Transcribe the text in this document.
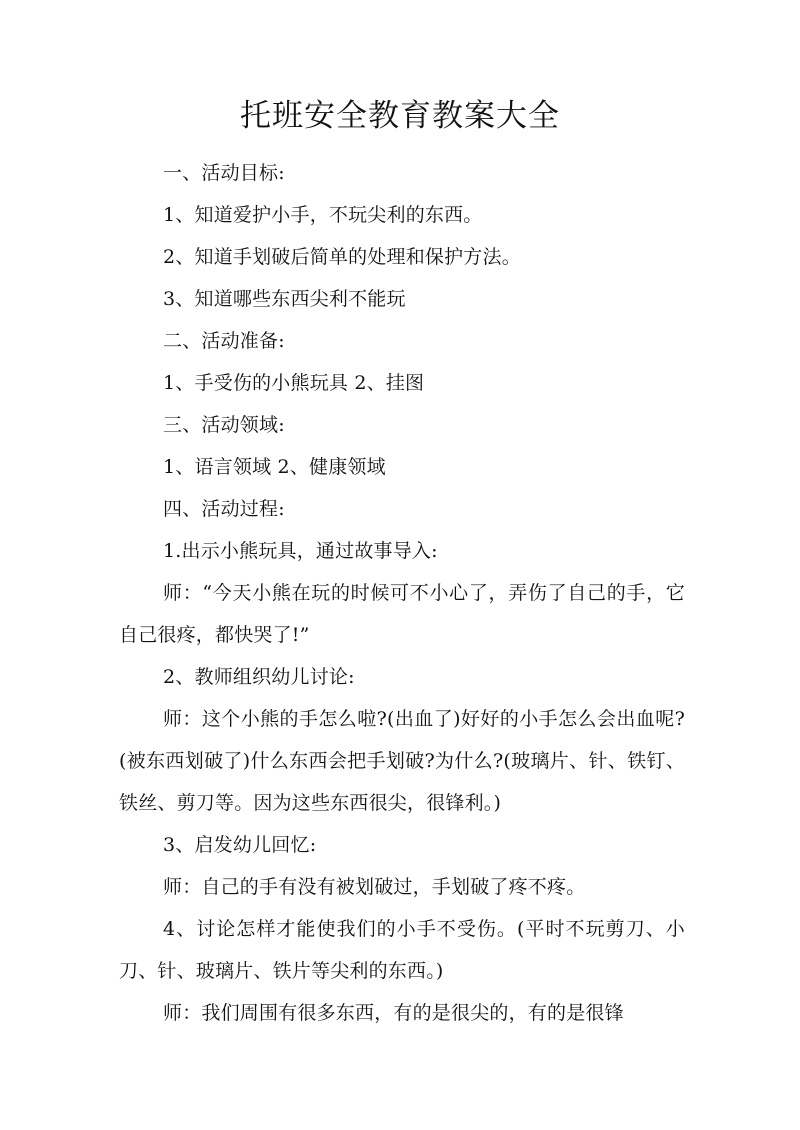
托班安全教育教案大全

一、活动目标:

1、知道爱护小手，不玩尖利的东西。

2、知道手划破后简单的处理和保护方法。

3、知道哪些东西尖利不能玩

二、活动准备:

1、手受伤的小熊玩具 2、挂图

三、活动领域:

1、语言领域 2、健康领域

四、活动过程:

1.出示小熊玩具，通过故事导入:

师：“今天小熊在玩的时候可不小心了，弄伤了自己的手，它自己很疼，都快哭了!”

2、教师组织幼儿讨论:

师：这个小熊的手怎么啦?(出血了)好好的小手怎么会出血呢?(被东西划破了)什么东西会把手划破?为什么?(玻璃片、针、铁钉、铁丝、剪刀等。因为这些东西很尖，很锋利。)

3、启发幼儿回忆:

师：自己的手有没有被划破过，手划破了疼不疼。

4、讨论怎样才能使我们的小手不受伤。(平时不玩剪刀、小刀、针、玻璃片、铁片等尖利的东西。)

师：我们周围有很多东西，有的是很尖的，有的是很锋
